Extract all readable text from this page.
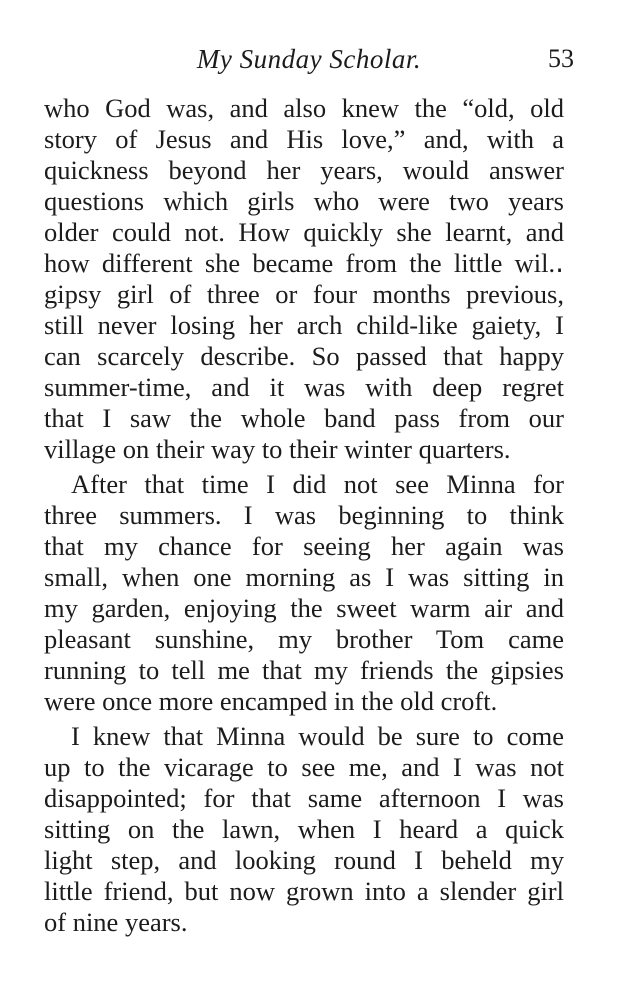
My Sunday Scholar.	53
who God was, and also knew the “old, old
story of Jesus and His love,” and, with a
quickness beyond her years, would answer
questions which girls who were two years
older could not. How quickly she learnt, and
how different she became from the little wil.․
gipsy girl of three or four months previous,
still never losing her arch child-like gaiety, I
can scarcely describe. So passed that happy
summer-time, and it was with deep regret
that I saw the whole band pass from our
village on their way to their winter quarters.
After that time I did not see Minna for
three summers. I was beginning to think
that my chance for seeing her again was
small, when one morning as I was sitting in
my garden, enjoying the sweet warm air and
pleasant sunshine, my brother Tom came
running to tell me that my friends the gipsies
were once more encamped in the old croft.
I knew that Minna would be sure to come
up to the vicarage to see me, and I was not
disappointed; for that same afternoon I was
sitting on the lawn, when I heard a quick
light step, and looking round I beheld my
little friend, but now grown into a slender girl
of nine years.
